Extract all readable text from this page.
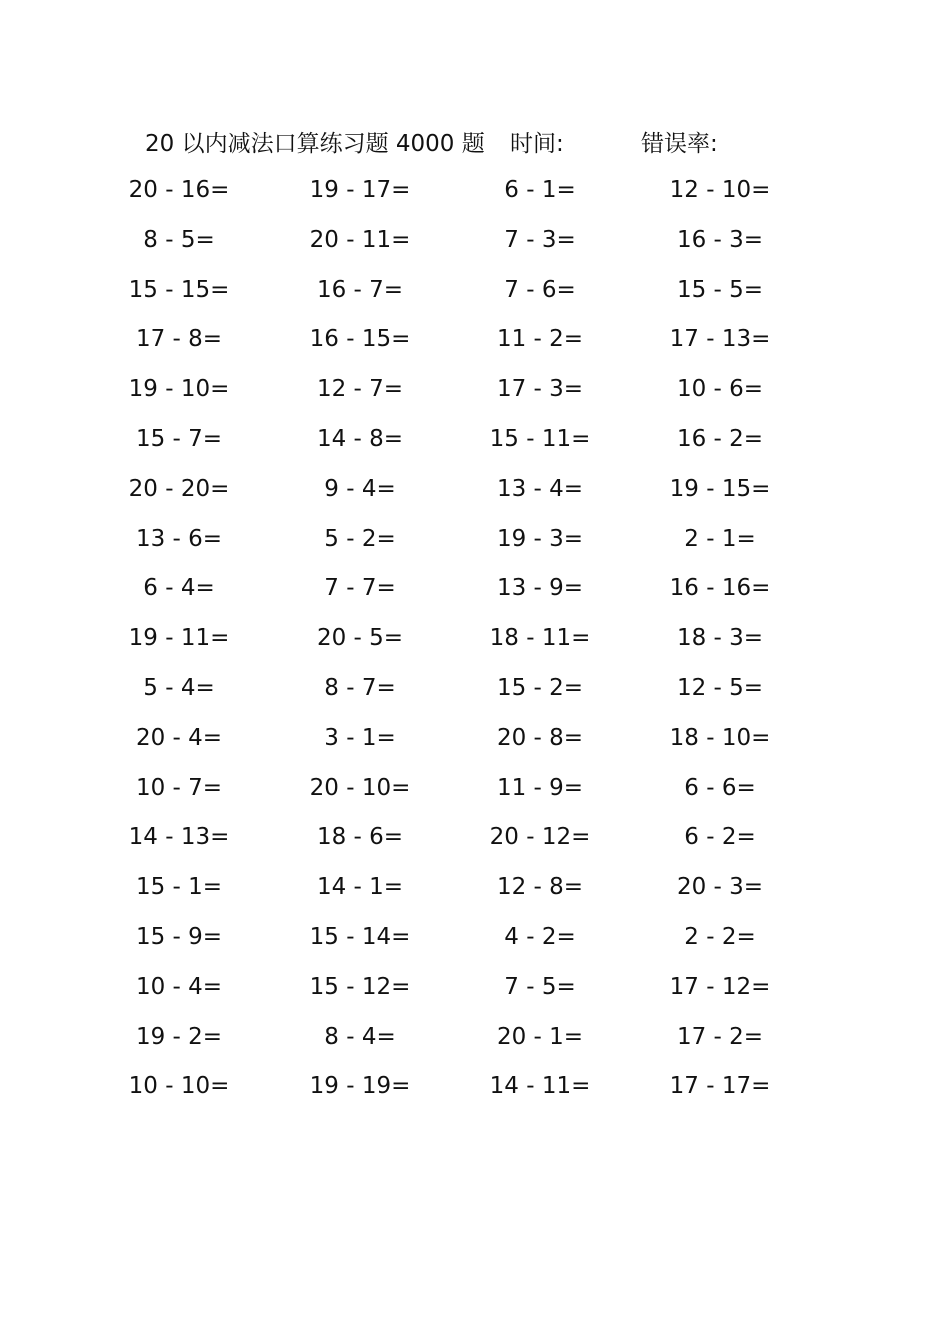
20 以内减法口算练习题 4000 题 时间:	错误率:
20 - 16=	19 - 17=	6 - 1=	12 - 10=
8 - 5=	20 - 11=	7 - 3=	16 - 3=
15 - 15=	16 - 7=	7 - 6=	15 - 5=
17 - 8=	16 - 15=	11 - 2=	17 - 13=
19 - 10=	12 - 7=	17 - 3=	10 - 6=
15 - 7=	14 - 8=	15 - 11=	16 - 2=
20 - 20=	9 - 4=	13 - 4=	19 - 15=
13 - 6=	5 - 2=	19 - 3=	2 - 1=
6 - 4=	7 - 7=	13 - 9=	16 - 16=
19 - 11=	20 - 5=	18 - 11=	18 - 3=
5 - 4=	8 - 7=	15 - 2=	12 - 5=
20 - 4=	3 - 1=	20 - 8=	18 - 10=
10 - 7=	20 - 10=	11 - 9=	6 - 6=
14 - 13=	18 - 6=	20 - 12=	6 - 2=
15 - 1=	14 - 1=	12 - 8=	20 - 3=
15 - 9=	15 - 14=	4 - 2=	2 - 2=
10 - 4=	15 - 12=	7 - 5=	17 - 12=
19 - 2=	8 - 4=	20 - 1=	17 - 2=
10 - 10=	19 - 19=	14 - 11=	17 - 17=
